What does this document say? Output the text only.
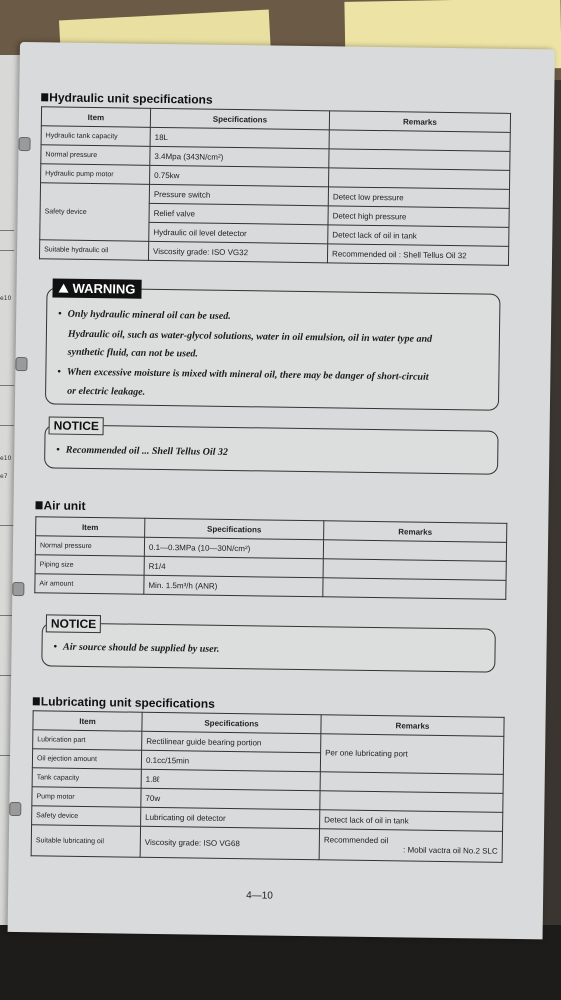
e10
e10
e7
Hydraulic unit specifications
Item	Specifications	Remarks
Hydraulic tank capacity	18L	
Normal pressure	3.4Mpa (343N/cm²)	
Hydraulic pump motor	0.75kw	
Safety device	Pressure switch	Detect low pressure
	Relief valve	Detect high pressure
	Hydraulic oil level detector	Detect lack of oil in tank
Suitable hydraulic oil	Viscosity grade: ISO VG32	Recommended oil : Shell Tellus Oil 32
WARNING
• Only hydraulic mineral oil can be used.
Hydraulic oil, such as water-glycol solutions, water in oil emulsion, oil in water type and
synthetic fluid, can not be used.
• When excessive moisture is mixed with mineral oil, there may be danger of short-circuit
or electric leakage.
NOTICE
• Recommended oil ... Shell Tellus Oil 32
Air unit
Item	Specifications	Remarks
Normal pressure	0.1—0.3MPa (10—30N/cm²)	
Piping size	R1/4	
Air amount	Min. 1.5m³/h (ANR)	
NOTICE
• Air source should be supplied by user.
Lubricating unit specifications
Item	Specifications	Remarks
Lubrication part	Rectilinear guide bearing portion	Per one lubricating port
Oil ejection amount	0.1cc/15min	
Tank capacity	1.8ℓ	
Pump motor	70w	
Safety device	Lubricating oil detector	Detect lack of oil in tank
Suitable lubricating oil	Viscosity grade: ISO VG68	Recommended oil
: Mobil vactra oil No.2 SLC
4—10
